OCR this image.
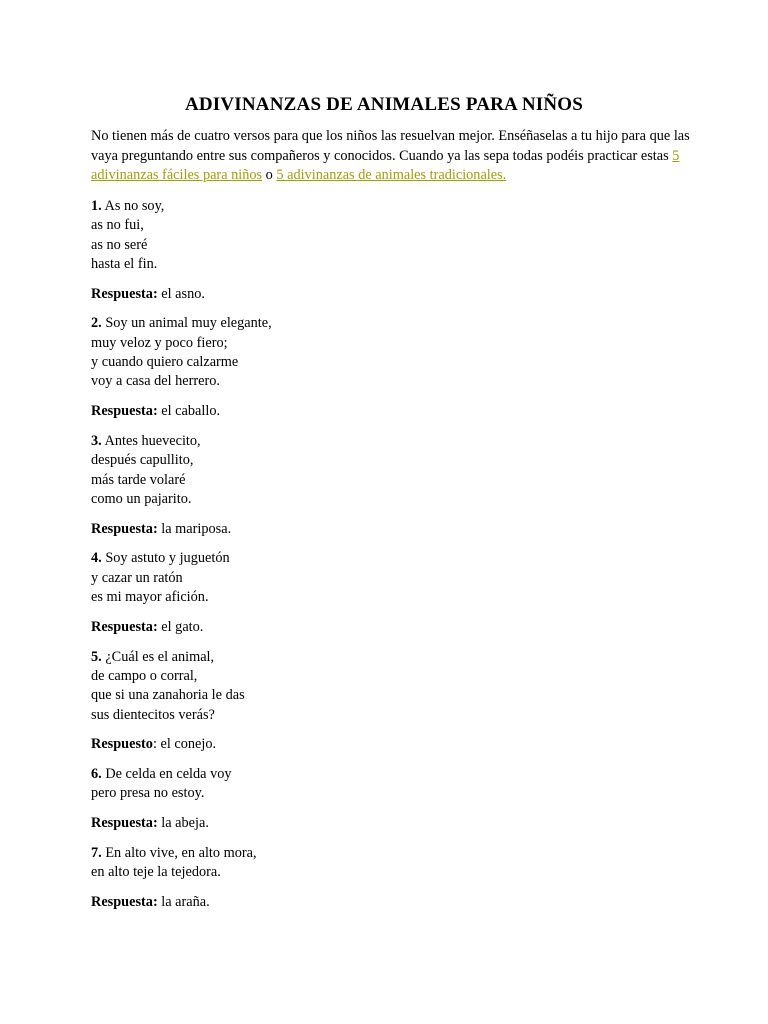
ADIVINANZAS DE ANIMALES PARA NIÑOS

No tienen más de cuatro versos para que los niños las resuelvan mejor. Enséñaselas a tu hijo para que las vaya preguntando entre sus compañeros y conocidos. Cuando ya las sepa todas podéis practicar estas 5 adivinanzas fáciles para niños o 5 adivinanzas de animales tradicionales.

1. As no soy,

as no fui,

as no seré

hasta el fin.

Respuesta: el asno.

2. Soy un animal muy elegante,

muy veloz y poco fiero;

y cuando quiero calzarme

voy a casa del herrero.

Respuesta: el caballo.

3. Antes huevecito,

después capullito,

más tarde volaré

como un pajarito.

Respuesta: la mariposa.

4. Soy astuto y juguetón

y cazar un ratón

es mi mayor afición.

Respuesta: el gato.

5. ¿Cuál es el animal,

de campo o corral,

que si una zanahoria le das

sus dientecitos verás?

Respuesto: el conejo.

6. De celda en celda voy

pero presa no estoy.

Respuesta: la abeja.

7. En alto vive, en alto mora,

en alto teje la tejedora.

Respuesta: la araña.
